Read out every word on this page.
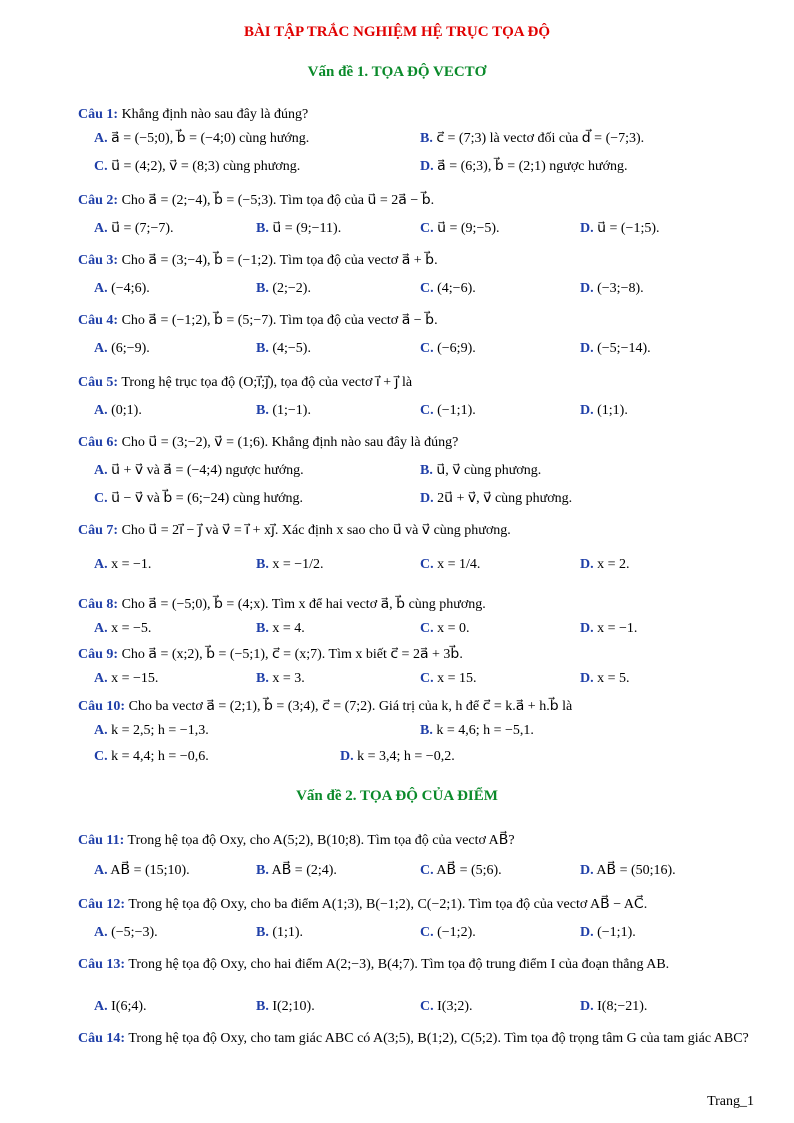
BÀI TẬP TRẮC NGHIỆM HỆ TRỤC TỌA ĐỘ
Vấn đề 1. TỌA ĐỘ VECTƠ
Câu 1: Khẳng định nào sau đây là đúng?
A. a⃗ = (−5;0), b⃗ = (−4;0) cùng hướng.	B. c⃗ = (7;3) là vectơ đối của d⃗ = (−7;3).
C. u⃗ = (4;2), v⃗ = (8;3) cùng phương.	D. a⃗ = (6;3), b⃗ = (2;1) ngược hướng.
Câu 2: Cho a⃗ = (2;−4), b⃗ = (−5;3). Tìm tọa độ của u⃗ = 2a⃗ − b⃗.
A. u⃗ = (7;−7).	B. u⃗ = (9;−11).	C. u⃗ = (9;−5).	D. u⃗ = (−1;5).
Câu 3: Cho a⃗ = (3;−4), b⃗ = (−1;2). Tìm tọa độ của vectơ a⃗ + b⃗.
A. (−4;6).	B. (2;−2).	C. (4;−6).	D. (−3;−8).
Câu 4: Cho a⃗ = (−1;2), b⃗ = (5;−7). Tìm tọa độ của vectơ a⃗ − b⃗.
A. (6;−9).	B. (4;−5).	C. (−6;9).	D. (−5;−14).
Câu 5: Trong hệ trục tọa độ (O;i⃗;j⃗), tọa độ của vectơ i⃗ + j⃗ là
A. (0;1).	B. (1;−1).	C. (−1;1).	D. (1;1).
Câu 6: Cho u⃗ = (3;−2), v⃗ = (1;6). Khẳng định nào sau đây là đúng?
A. u⃗ + v⃗ và a⃗ = (−4;4) ngược hướng.	B. u⃗, v⃗ cùng phương.
C. u⃗ − v⃗ và b⃗ = (6;−24) cùng hướng.	D. 2u⃗ + v⃗, v⃗ cùng phương.
Câu 7: Cho u⃗ = 2i⃗ − j⃗ và v⃗ = i⃗ + xj⃗. Xác định x sao cho u⃗ và v⃗ cùng phương.
A. x = −1.	B. x = −1/2.	C. x = 1/4.	D. x = 2.
Câu 8: Cho a⃗ = (−5;0), b⃗ = (4;x). Tìm x để hai vectơ a⃗, b⃗ cùng phương.
A. x = −5.	B. x = 4.	C. x = 0.	D. x = −1.
Câu 9: Cho a⃗ = (x;2), b⃗ = (−5;1), c⃗ = (x;7). Tìm x biết c⃗ = 2a⃗ + 3b⃗.
A. x = −15.	B. x = 3.	C. x = 15.	D. x = 5.
Câu 10: Cho ba vectơ a⃗ = (2;1), b⃗ = (3;4), c⃗ = (7;2). Giá trị của k, h để c⃗ = k.a⃗ + h.b⃗ là
A. k = 2,5; h = −1,3.	B. k = 4,6; h = −5,1.
C. k = 4,4; h = −0,6.	D. k = 3,4; h = −0,2.
Vấn đề 2. TỌA ĐỘ CỦA ĐIỂM
Câu 11: Trong hệ tọa độ Oxy, cho A(5;2), B(10;8). Tìm tọa độ của vectơ AB⃗?
A. AB⃗ = (15;10).	B. AB⃗ = (2;4).	C. AB⃗ = (5;6).	D. AB⃗ = (50;16).
Câu 12: Trong hệ tọa độ Oxy, cho ba điểm A(1;3), B(−1;2), C(−2;1). Tìm tọa độ của vectơ AB⃗ − AC⃗.
A. (−5;−3).	B. (1;1).	C. (−1;2).	D. (−1;1).
Câu 13: Trong hệ tọa độ Oxy, cho hai điểm A(2;−3), B(4;7). Tìm tọa độ trung điểm I của đoạn thẳng AB.
A. I(6;4).	B. I(2;10).	C. I(3;2).	D. I(8;−21).
Câu 14: Trong hệ tọa độ Oxy, cho tam giác ABC có A(3;5), B(1;2), C(5;2). Tìm tọa độ trọng tâm G của tam giác ABC?
Trang_1
